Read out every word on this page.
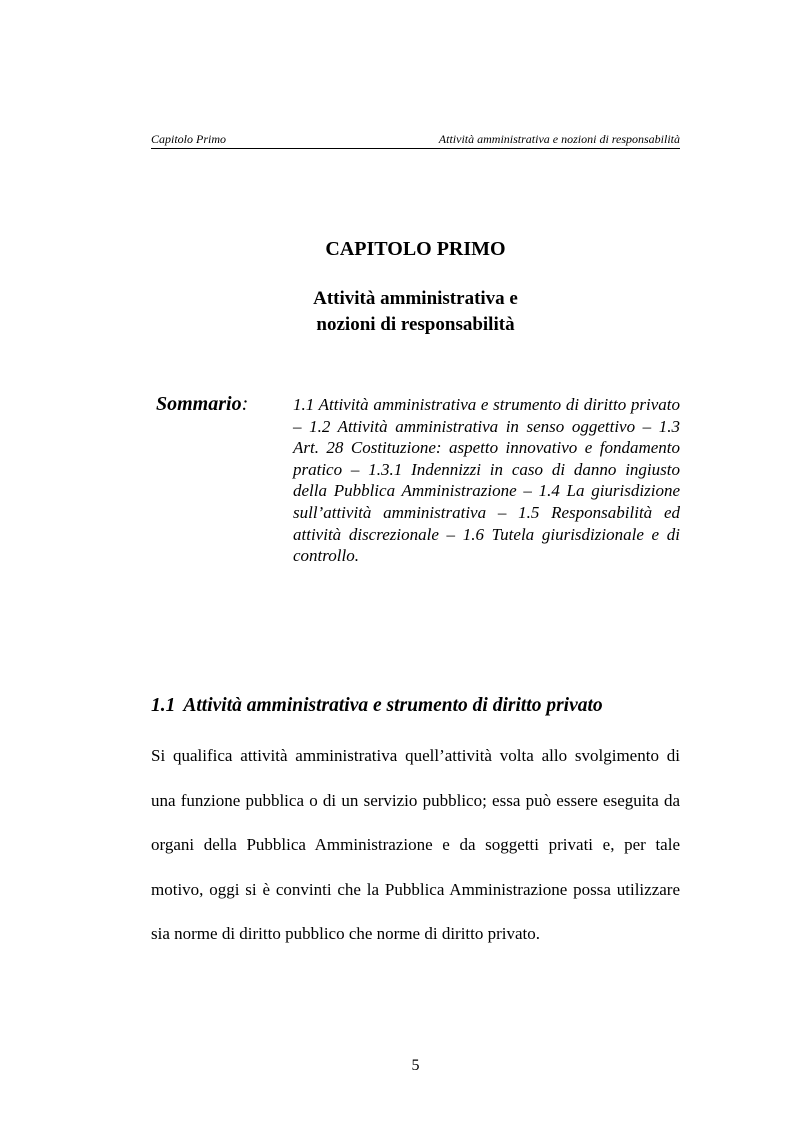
Capitolo Primo	Attività amministrativa e nozioni di responsabilità
CAPITOLO PRIMO
Attività amministrativa e
nozioni di responsabilità
Sommario:	1.1 Attività amministrativa e strumento di diritto privato – 1.2 Attività amministrativa in senso oggettivo – 1.3 Art. 28 Costituzione: aspetto innovativo e fondamento pratico – 1.3.1 Indennizzi in caso di danno ingiusto della Pubblica Amministrazione – 1.4 La giurisdizione sull’attività amministrativa – 1.5 Responsabilità ed attività discrezionale – 1.6 Tutela giurisdizionale e di controllo.
1.1 Attività amministrativa e strumento di diritto privato
Si qualifica attività amministrativa quell’attività volta allo svolgimento di una funzione pubblica o di un servizio pubblico; essa può essere eseguita da organi della Pubblica Amministrazione e da soggetti privati e, per tale motivo, oggi si è convinti che la Pubblica Amministrazione possa utilizzare sia norme di diritto pubblico che norme di diritto privato.
5
